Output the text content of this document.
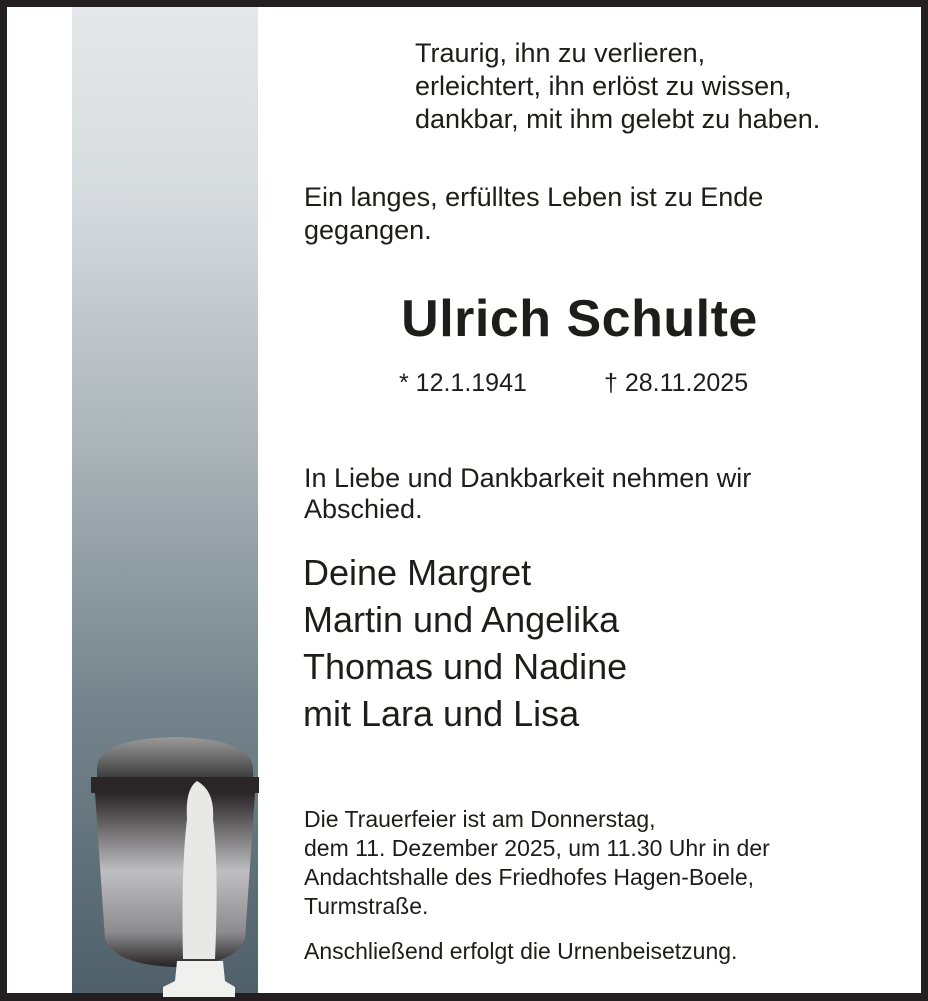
Traurig, ihn zu verlieren,
erleichtert, ihn erlöst zu wissen,
dankbar, mit ihm gelebt zu haben.

Ein langes, erfülltes Leben ist zu Ende
gegangen.

Ulrich Schulte

* 12.1.1941	† 28.11.2025

In Liebe und Dankbarkeit nehmen wir
Abschied.

Deine Margret
Martin und Angelika
Thomas und Nadine
mit Lara und Lisa

Die Trauerfeier ist am Donnerstag,
dem 11. Dezember 2025, um 11.30 Uhr in der
Andachtshalle des Friedhofes Hagen-Boele,
Turmstraße.

Anschließend erfolgt die Urnenbeisetzung.
